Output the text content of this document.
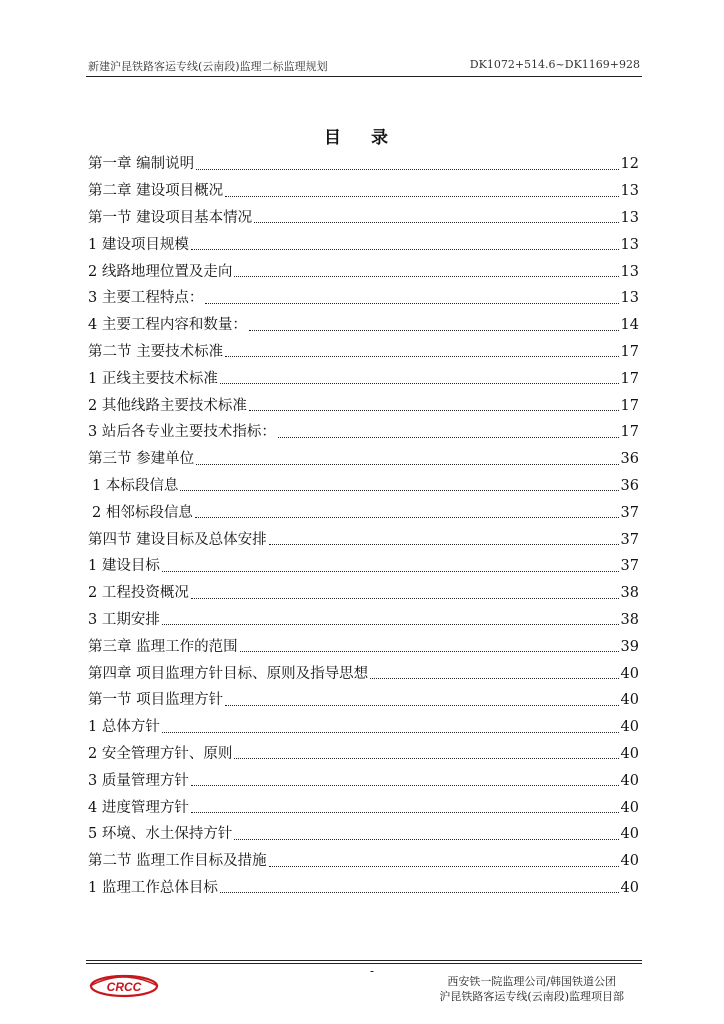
新建沪昆铁路客运专线(云南段)监理二标监理规划	DK1072+514.6~DK1169+928
目 录
第一章 编制说明	12
第二章 建设项目概况	13
第一节 建设项目基本情况	13
1 建设项目规模	13
2 线路地理位置及走向	13
3 主要工程特点：	13
4 主要工程内容和数量：	14
第二节 主要技术标准	17
1 正线主要技术标准	17
2 其他线路主要技术标准	17
3 站后各专业主要技术指标：	17
第三节 参建单位	36
1 本标段信息	36
2 相邻标段信息	37
第四节 建设目标及总体安排	37
1 建设目标	37
2 工程投资概况	38
3 工期安排	38
第三章 监理工作的范围	39
第四章 项目监理方针目标、原则及指导思想	40
第一节 项目监理方针	40
1 总体方针	40
2 安全管理方针、原则	40
3 质量管理方针	40
4 进度管理方针	40
5 环境、水土保持方针	40
第二节 监理工作目标及措施	40
1 监理工作总体目标	40
-
CRCC	西安铁一院监理公司/韩国铁道公团
沪昆铁路客运专线(云南段)监理项目部
